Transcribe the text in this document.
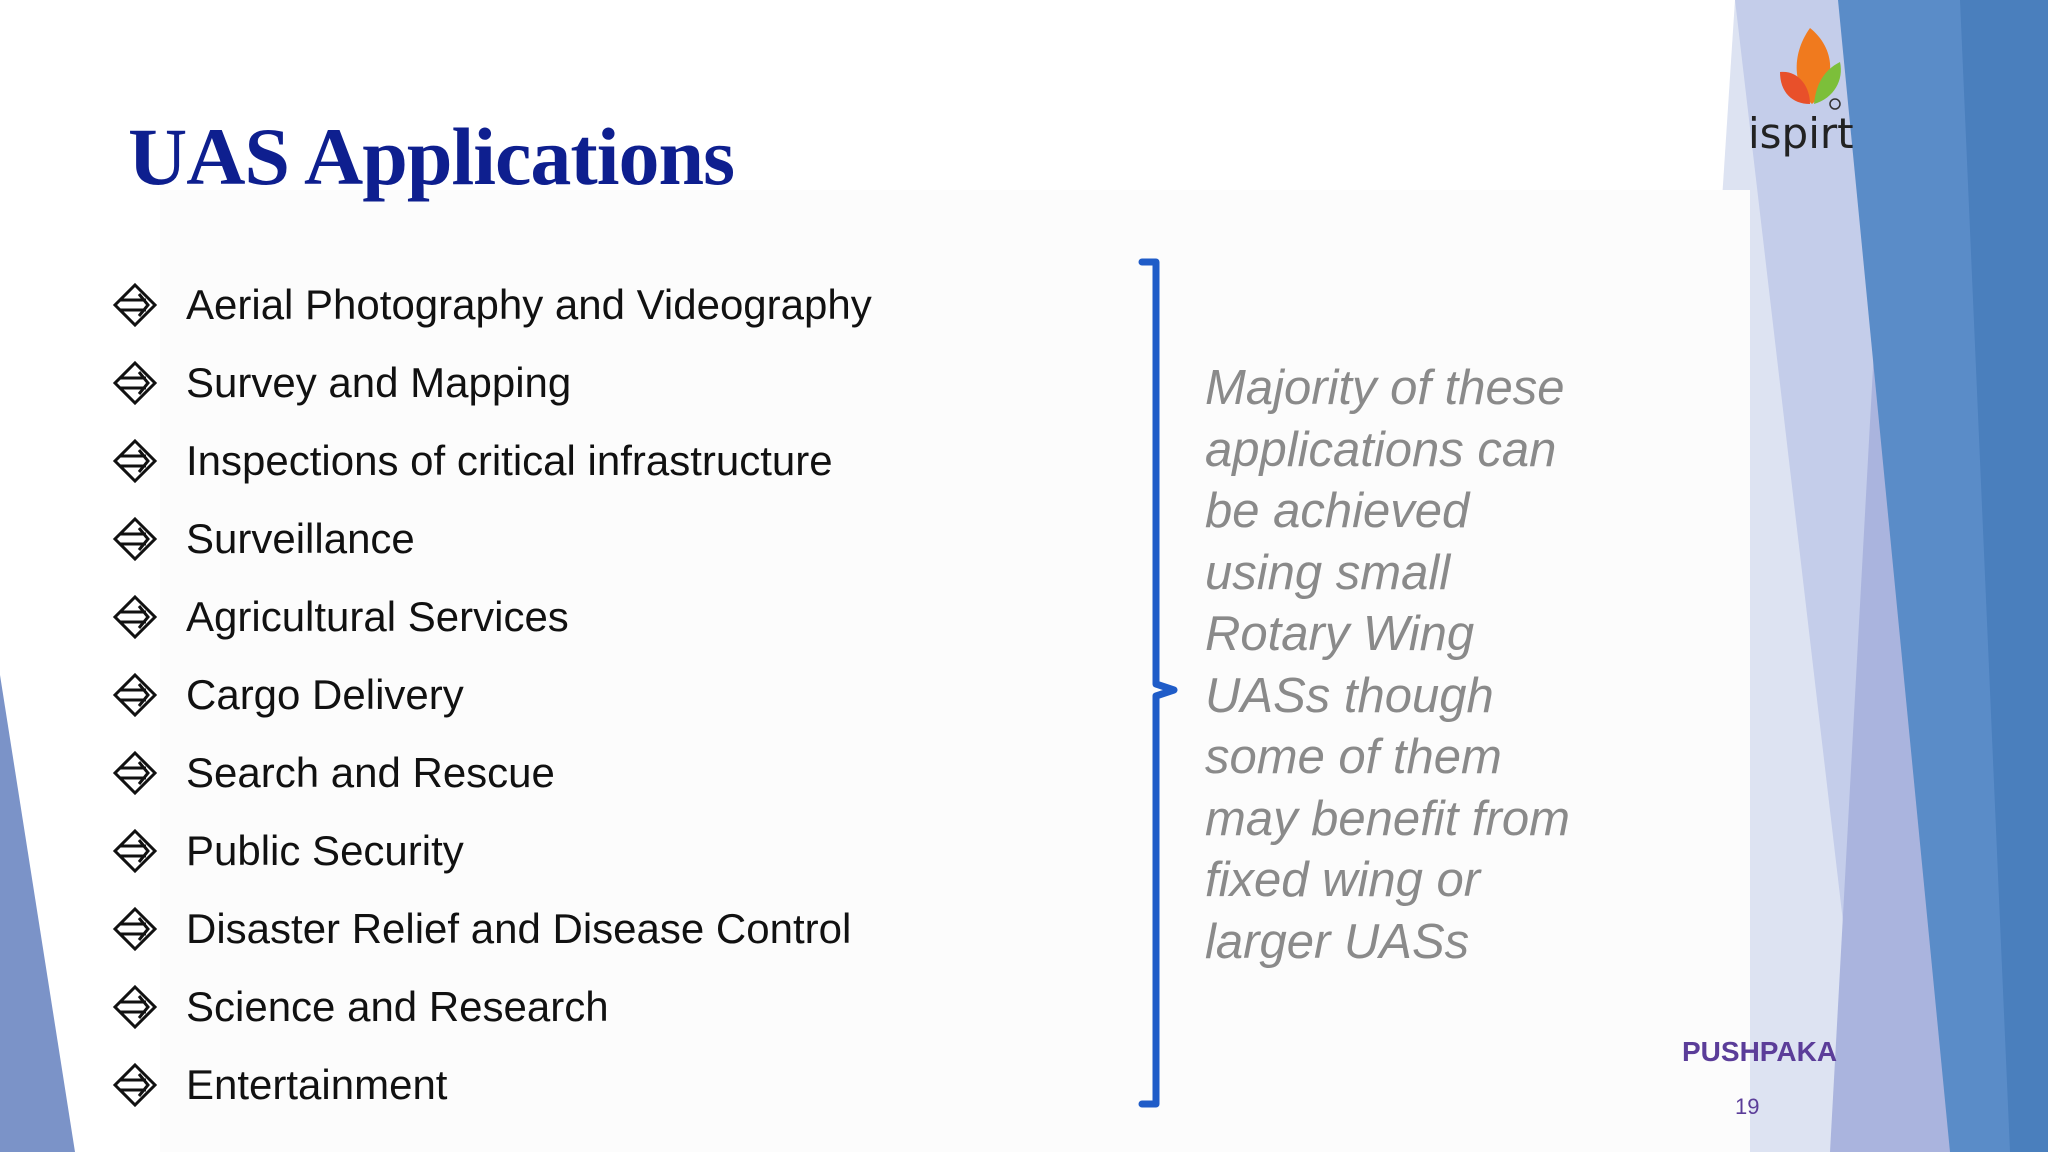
UAS Applications
Aerial Photography and Videography
Survey and Mapping
Inspections of critical infrastructure
Surveillance
Agricultural Services
Cargo Delivery
Search and Rescue
Public Security
Disaster Relief and Disease Control
Science and Research
Entertainment

Majority of these
applications can
be achieved
using small
Rotary Wing
UASs though
some of them
may benefit from
fixed wing or
larger UASs

ispirt

PUSHPAKA

19
